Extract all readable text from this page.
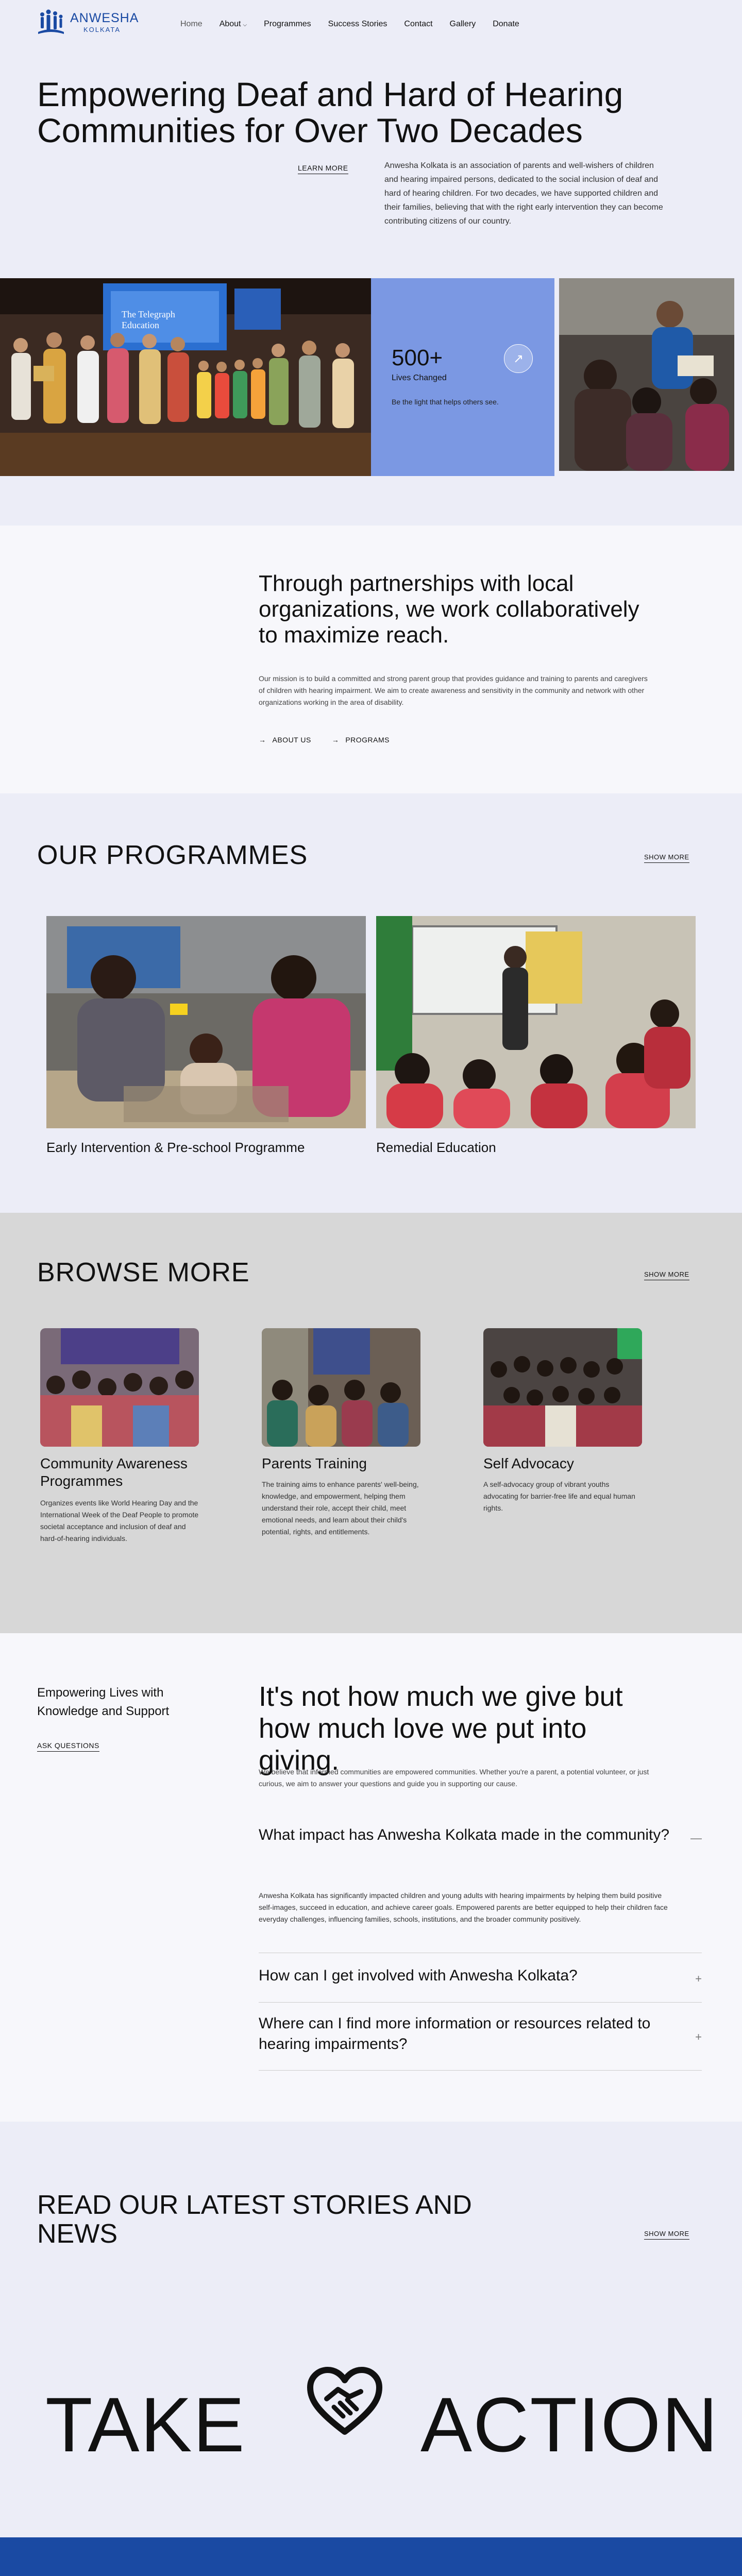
ANWESHA
KOLKATA
Home About ⌵ Programmes Success Stories Contact Gallery Donate
Empowering Deaf and Hard of Hearing Communities for Over Two Decades
LEARN MORE	Anwesha Kolkata is an association of parents and well-wishers of children and hearing impaired persons, dedicated to the social inclusion of deaf and hard of hearing children. For two decades, we have supported children and their families, believing that with the right early intervention they can become contributing citizens of our country.

The Telegraph Education
500+
Lives Changed
Be the light that helps others see.
↗
Through partnerships with local organizations, we work collaboratively to maximize reach.

Our mission is to build a committed and strong parent group that provides guidance and training to parents and caregivers of children with hearing impairment. We aim to create awareness and sensitivity in the community and network with other organizations working in the area of disability.

→ ABOUT US	→ PROGRAMS
OUR PROGRAMMES	SHOW MORE
Early Intervention & Pre-school Programme	Remedial Education
BROWSE MORE	SHOW MORE
Community Awareness Programmes

Organizes events like World Hearing Day and the International Week of the Deaf People to promote societal acceptance and inclusion of deaf and hard-of-hearing individuals.

Parents Training

The training aims to enhance parents' well-being, knowledge, and empowerment, helping them understand their role, accept their child, meet emotional needs, and learn about their child's potential, rights, and entitlements.

Self Advocacy

A self-advocacy group of vibrant youths advocating for barrier-free life and equal human rights.

Empowering Lives with Knowledge and Support
ASK QUESTIONS
It's not how much we give but how much love we put into giving.

We believe that informed communities are empowered communities. Whether you're a parent, a potential volunteer, or just curious, we aim to answer your questions and guide you in supporting our cause.

What impact has Anwesha Kolkata made in the community? —

Anwesha Kolkata has significantly impacted children and young adults with hearing impairments by helping them build positive self-images, succeed in education, and achieve career goals. Empowered parents are better equipped to help their children face everyday challenges, influencing families, schools, institutions, and the broader community positively.

How can I get involved with Anwesha Kolkata?	+
Where can I find more information or resources related to hearing impairments?	+
READ OUR LATEST STORIES AND NEWS	SHOW MORE
TAKE ACTION
